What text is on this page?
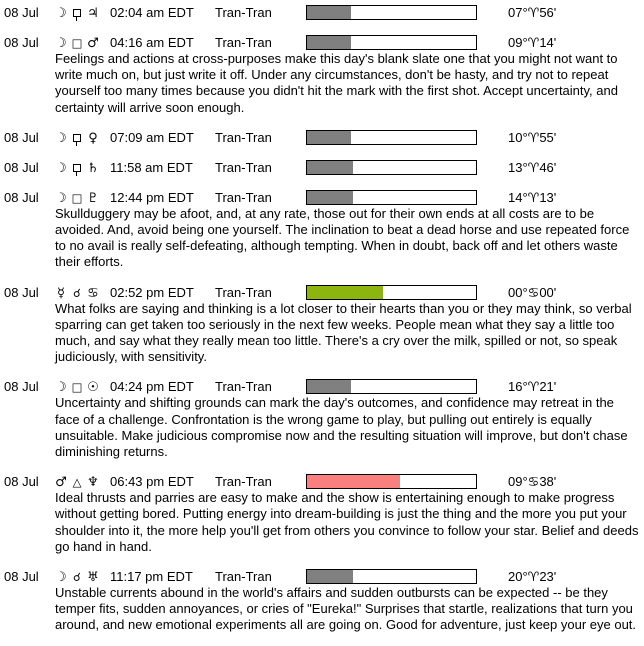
08 Jul ☽ ♃ 02:04 am EDT Tran-Tran	07°♈56'
08 Jul ☽ □ ♂ 04:16 am EDT Tran-Tran	09°♈14'
Feelings and actions at cross-purposes make this day's blank slate one that you might not want to write much on, but just write it off. Under any circumstances, don't be hasty, and try not to repeat yourself too many times because you didn't hit the mark with the first shot. Accept uncertainty, and certainty will arrive soon enough.
08 Jul ☽ ♀ 07:09 am EDT Tran-Tran	10°♈55'
08 Jul ☽ ♄ 11:58 am EDT Tran-Tran	13°♈46'
08 Jul ☽ □ ♇ 12:44 pm EDT Tran-Tran	14°♈13'
Skullduggery may be afoot, and, at any rate, those out for their own ends at all costs are to be avoided. And, avoid being one yourself. The inclination to beat a dead horse and use repeated force to no avail is really self-defeating, although tempting. When in doubt, back off and let others waste their efforts.
08 Jul	☿ ☌ ♋ 02:52 pm EDT Tran-Tran	00°♋00'
What folks are saying and thinking is a lot closer to their hearts than you or they may think, so verbal sparring can get taken too seriously in the next few weeks. People mean what they say a little too much, and say what they really mean too little. There's a cry over the milk, spilled or not, so speak judiciously, with sensitivity.
08 Jul ☽ □ ☉ 04:24 pm EDT Tran-Tran	16°♈21'
Uncertainty and shifting grounds can mark the day's outcomes, and confidence may retreat in the face of a challenge. Confrontation is the wrong game to play, but pulling out entirely is equally unsuitable. Make judicious compromise now and the resulting situation will improve, but don't chase diminishing returns.
08 Jul ♂ △ ♆ 06:43 pm EDT Tran-Tran	09°♋38'
Ideal thrusts and parries are easy to make and the show is entertaining enough to make progress without getting bored. Putting energy into dream-building is just the thing and the more you put your shoulder into it, the more help you'll get from others you convince to follow your star. Belief and deeds go hand in hand.
08 Jul ☽ ☌ ♅ 11:17 pm EDT Tran-Tran	20°♈23'
Unstable currents abound in the world's affairs and sudden outbursts can be expected -- be they temper fits, sudden annoyances, or cries of "Eureka!" Surprises that startle, realizations that turn you around, and new emotional experiments all are going on. Good for adventure, just keep your eye out.
